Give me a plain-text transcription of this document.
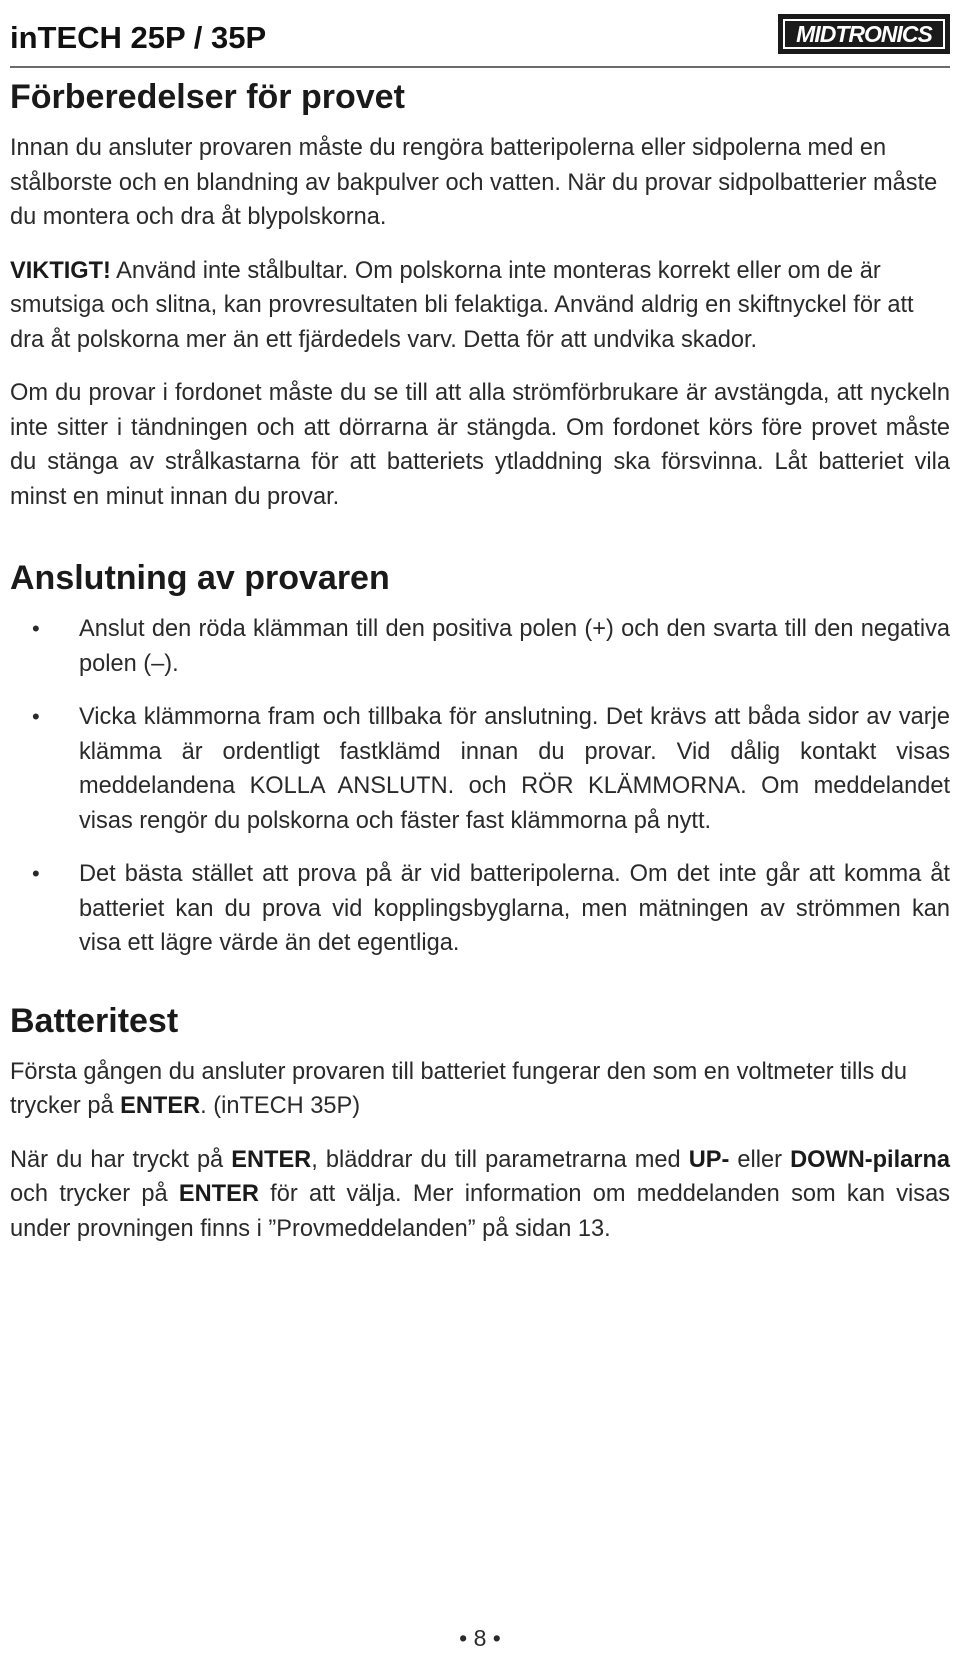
inTECH 25P / 35P	MIDTRONICS
Förberedelser för provet

Innan du ansluter provaren måste du rengöra batteripolerna eller sidpolerna med en stålborste och en blandning av bakpulver och vatten. När du provar sidpolbatterier måste du montera och dra åt blypolskorna.

VIKTIGT! Använd inte stålbultar. Om polskorna inte monteras korrekt eller om de är smutsiga och slitna, kan provresultaten bli felaktiga. Använd aldrig en skiftnyckel för att dra åt polskorna mer än ett fjärdedels varv. Detta för att undvika skador.

Om du provar i fordonet måste du se till att alla strömförbrukare är avstängda, att nyckeln inte sitter i tändningen och att dörrarna är stängda. Om fordonet körs före provet måste du stänga av strålkastarna för att batteriets ytladdning ska försvinna. Låt batteriet vila minst en minut innan du provar.

Anslutning av provaren
• Anslut den röda klämman till den positiva polen (+) och den svarta till den negativa polen (–).
• Vicka klämmorna fram och tillbaka för anslutning. Det krävs att båda sidor av varje klämma är ordentligt fastklämd innan du provar. Vid dålig kontakt visas meddelandena KOLLA ANSLUTN. och RÖR KLÄMMORNA. Om meddelandet visas rengör du polskorna och fäster fast klämmorna på nytt.
• Det bästa stället att prova på är vid batteripolerna. Om det inte går att komma åt batteriet kan du prova vid kopplingsbyglarna, men mätningen av strömmen kan visa ett lägre värde än det egentliga.
Batteritest

Första gången du ansluter provaren till batteriet fungerar den som en voltmeter tills du trycker på ENTER. (inTECH 35P)

När du har tryckt på ENTER, bläddrar du till parametrarna med UP- eller DOWN-pilarna och trycker på ENTER för att välja. Mer information om meddelanden som kan visas under provningen finns i ”Provmeddelanden” på sidan 13.

• 8 •
